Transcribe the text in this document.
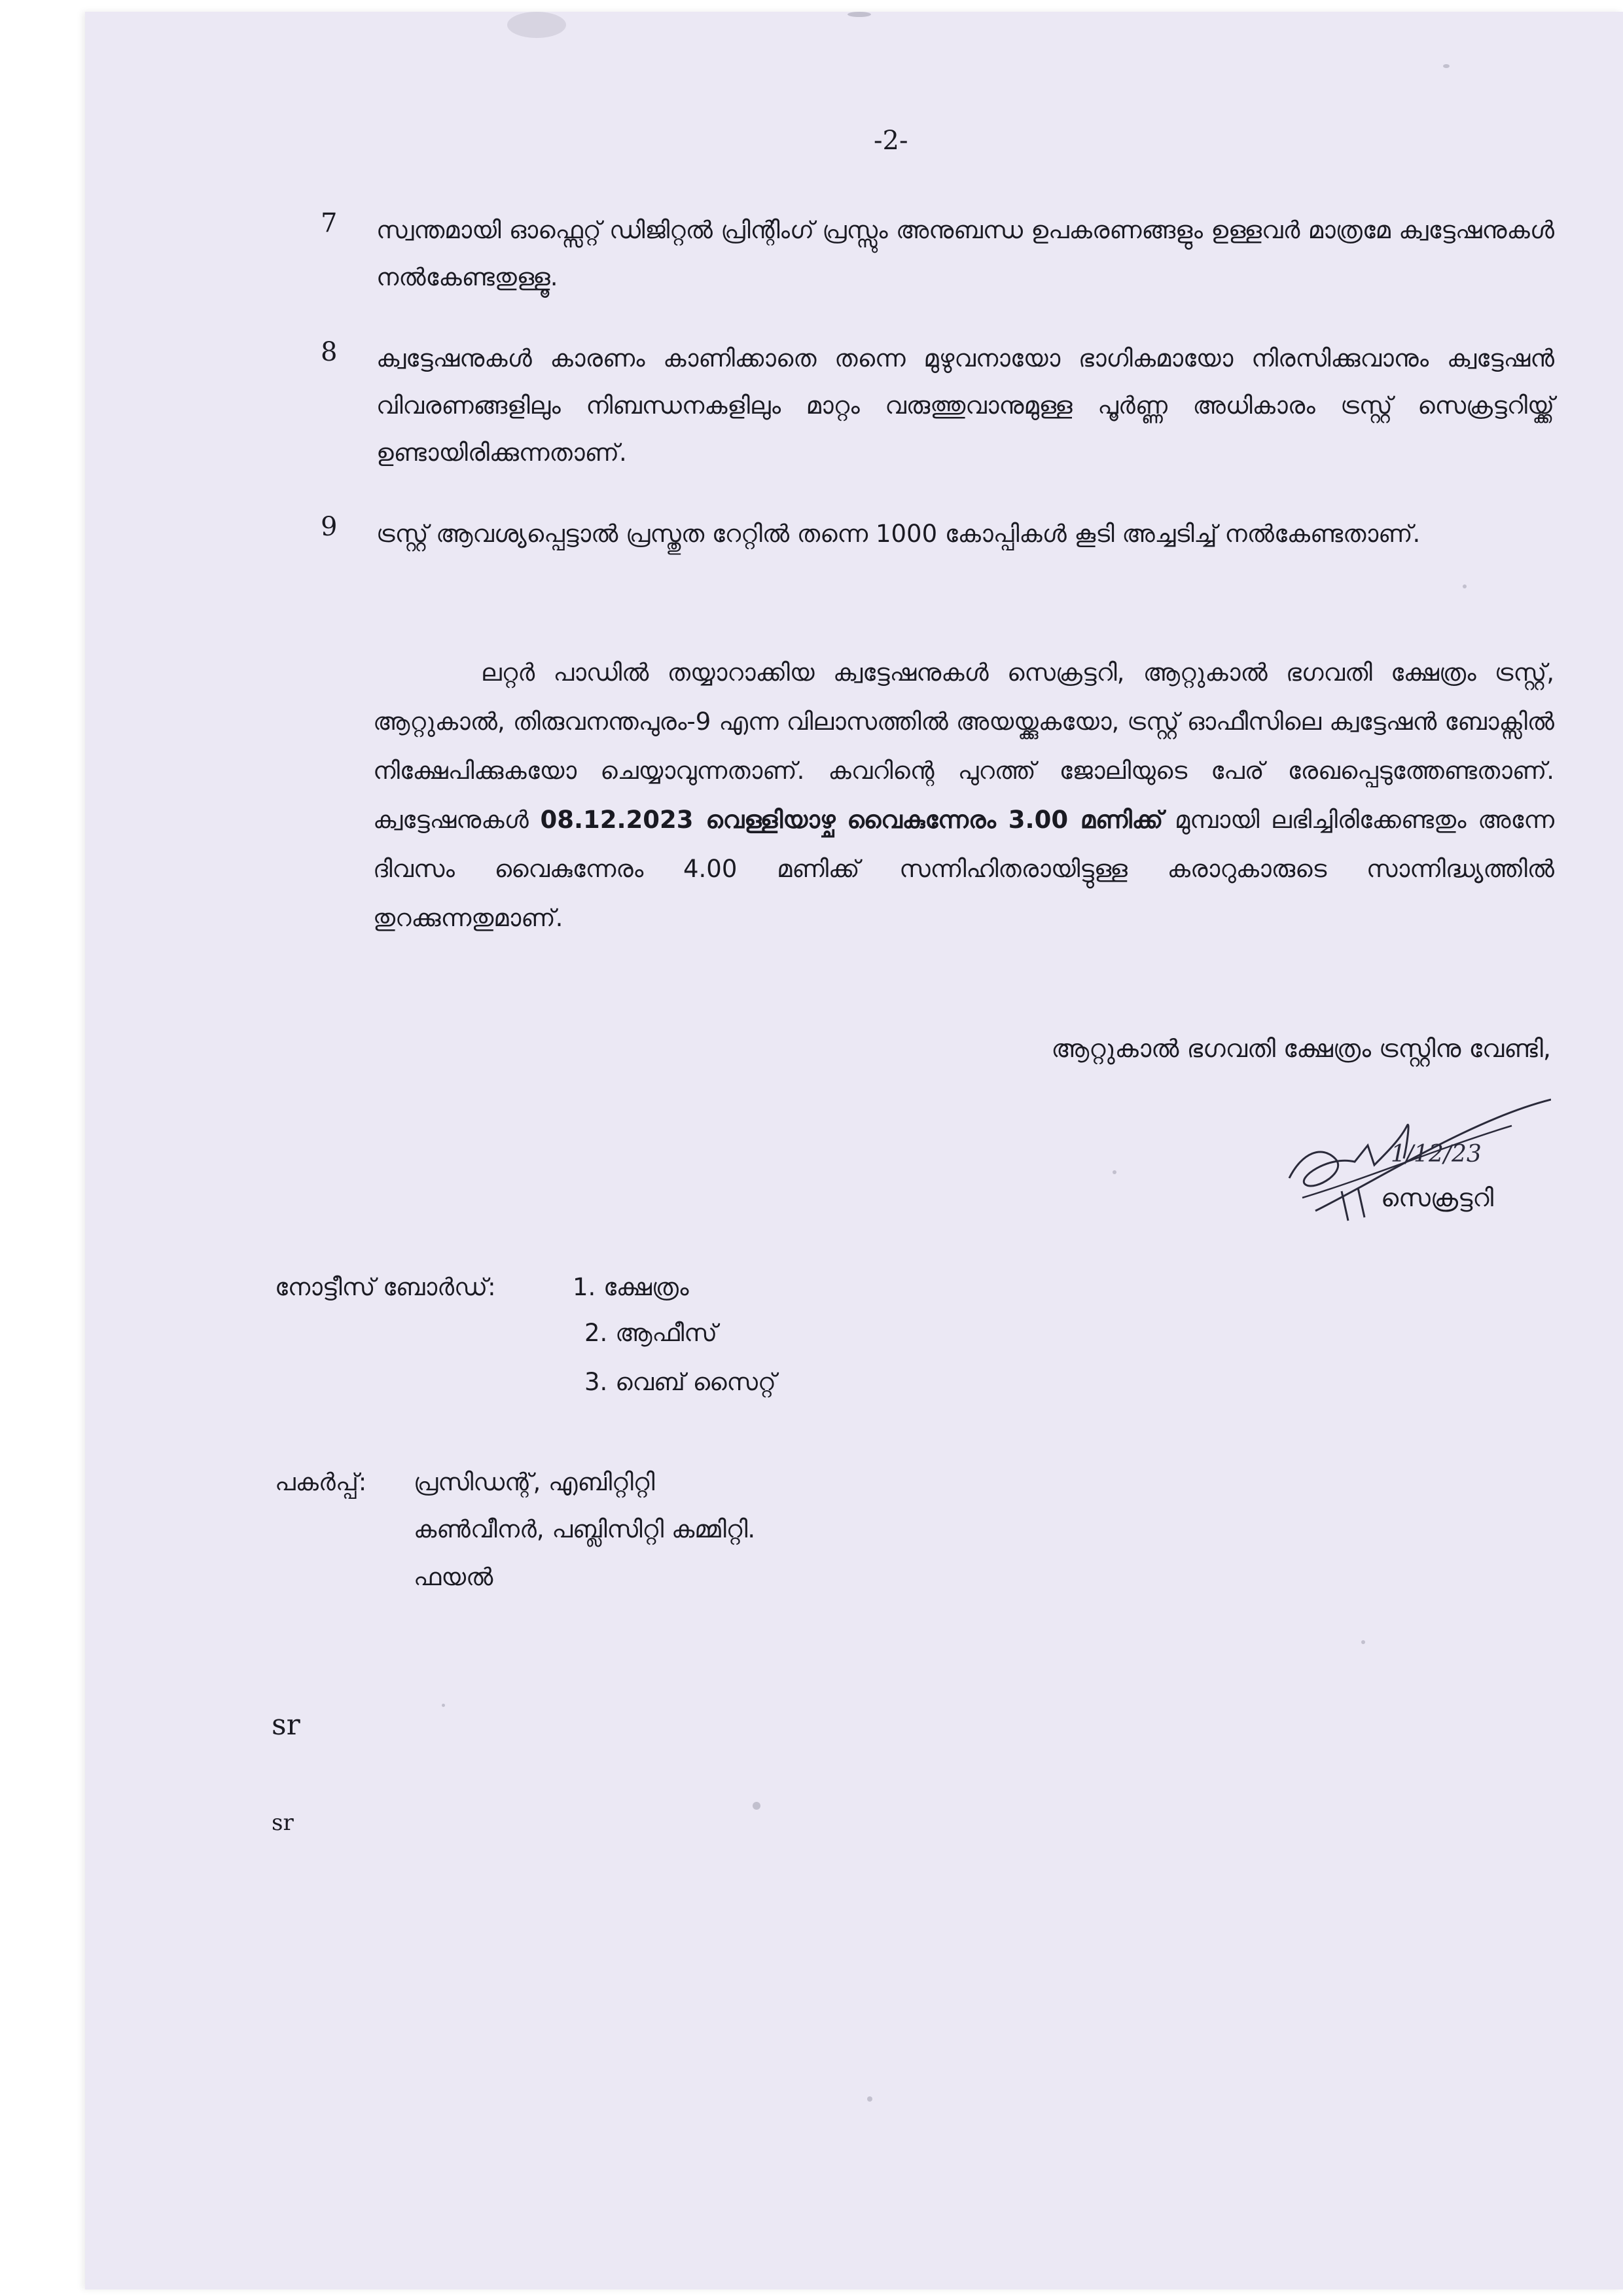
-2-
7 സ്വന്തമായി ഓഫ്സെറ്റ് ഡിജിറ്റൽ പ്രിന്റിംഗ് പ്രസ്സും അനുബന്ധ ഉപകരണങ്ങളും ഉള്ളവർ മാത്രമേ ക്വട്ടേഷനുകൾ നൽകേണ്ടതുള്ളൂ.
8 ക്വട്ടേഷനുകൾ കാരണം കാണിക്കാതെ തന്നെ മുഴുവനായോ ഭാഗികമായോ നിരസിക്കുവാനും ക്വട്ടേഷൻ വിവരണങ്ങളിലും നിബന്ധനകളിലും മാറ്റം വരുത്തുവാനുമുള്ള പൂർണ്ണ അധികാരം ട്രസ്റ്റ് സെക്രട്ടറിയ്ക്ക് ഉണ്ടായിരിക്കുന്നതാണ്.
9 ട്രസ്റ്റ് ആവശ്യപ്പെട്ടാൽ പ്രസ്തുത റേറ്റിൽ തന്നെ 1000 കോപ്പികൾ കൂടി അച്ചടിച്ച് നൽകേണ്ടതാണ്.
ലറ്റർ പാഡിൽ തയ്യാറാക്കിയ ക്വട്ടേഷനുകൾ സെക്രട്ടറി, ആറ്റുകാൽ ഭഗവതി ക്ഷേത്രം ട്രസ്റ്റ്, ആറ്റുകാൽ, തിരുവനന്തപുരം-9 എന്ന വിലാസത്തിൽ അയയ്ക്കുകയോ, ട്രസ്റ്റ് ഓഫീസിലെ ക്വട്ടേഷൻ ബോക്സിൽ നിക്ഷേപിക്കുകയോ ചെയ്യാവുന്നതാണ്. കവറിന്റെ പുറത്ത് ജോലിയുടെ പേര് രേഖപ്പെടുത്തേണ്ടതാണ്. ക്വട്ടേഷനുകൾ 08.12.2023 വെള്ളിയാഴ്ച വൈകുന്നേരം 3.00 മണിക്ക് മുമ്പായി ലഭിച്ചിരിക്കേണ്ടതും അന്നേ ദിവസം വൈകുന്നേരം 4.00 മണിക്ക് സന്നിഹിതരായിട്ടുള്ള കരാറുകാരുടെ സാന്നിദ്ധ്യത്തിൽ തുറക്കുന്നതുമാണ്.
ആറ്റുകാൽ ഭഗവതി ക്ഷേത്രം ട്രസ്റ്റിനു വേണ്ടി,
1/12/23
സെക്രട്ടറി
നോട്ടീസ് ബോർഡ്:	1. ക്ഷേത്രം
2. ആഫീസ്
3. വെബ് സൈറ്റ്
പകർപ്പ്: പ്രസിഡന്റ്, എബിറ്റിറ്റി
കൺവീനർ, പബ്ലിസിറ്റി കമ്മിറ്റി.
ഫയൽ
sr
sr
